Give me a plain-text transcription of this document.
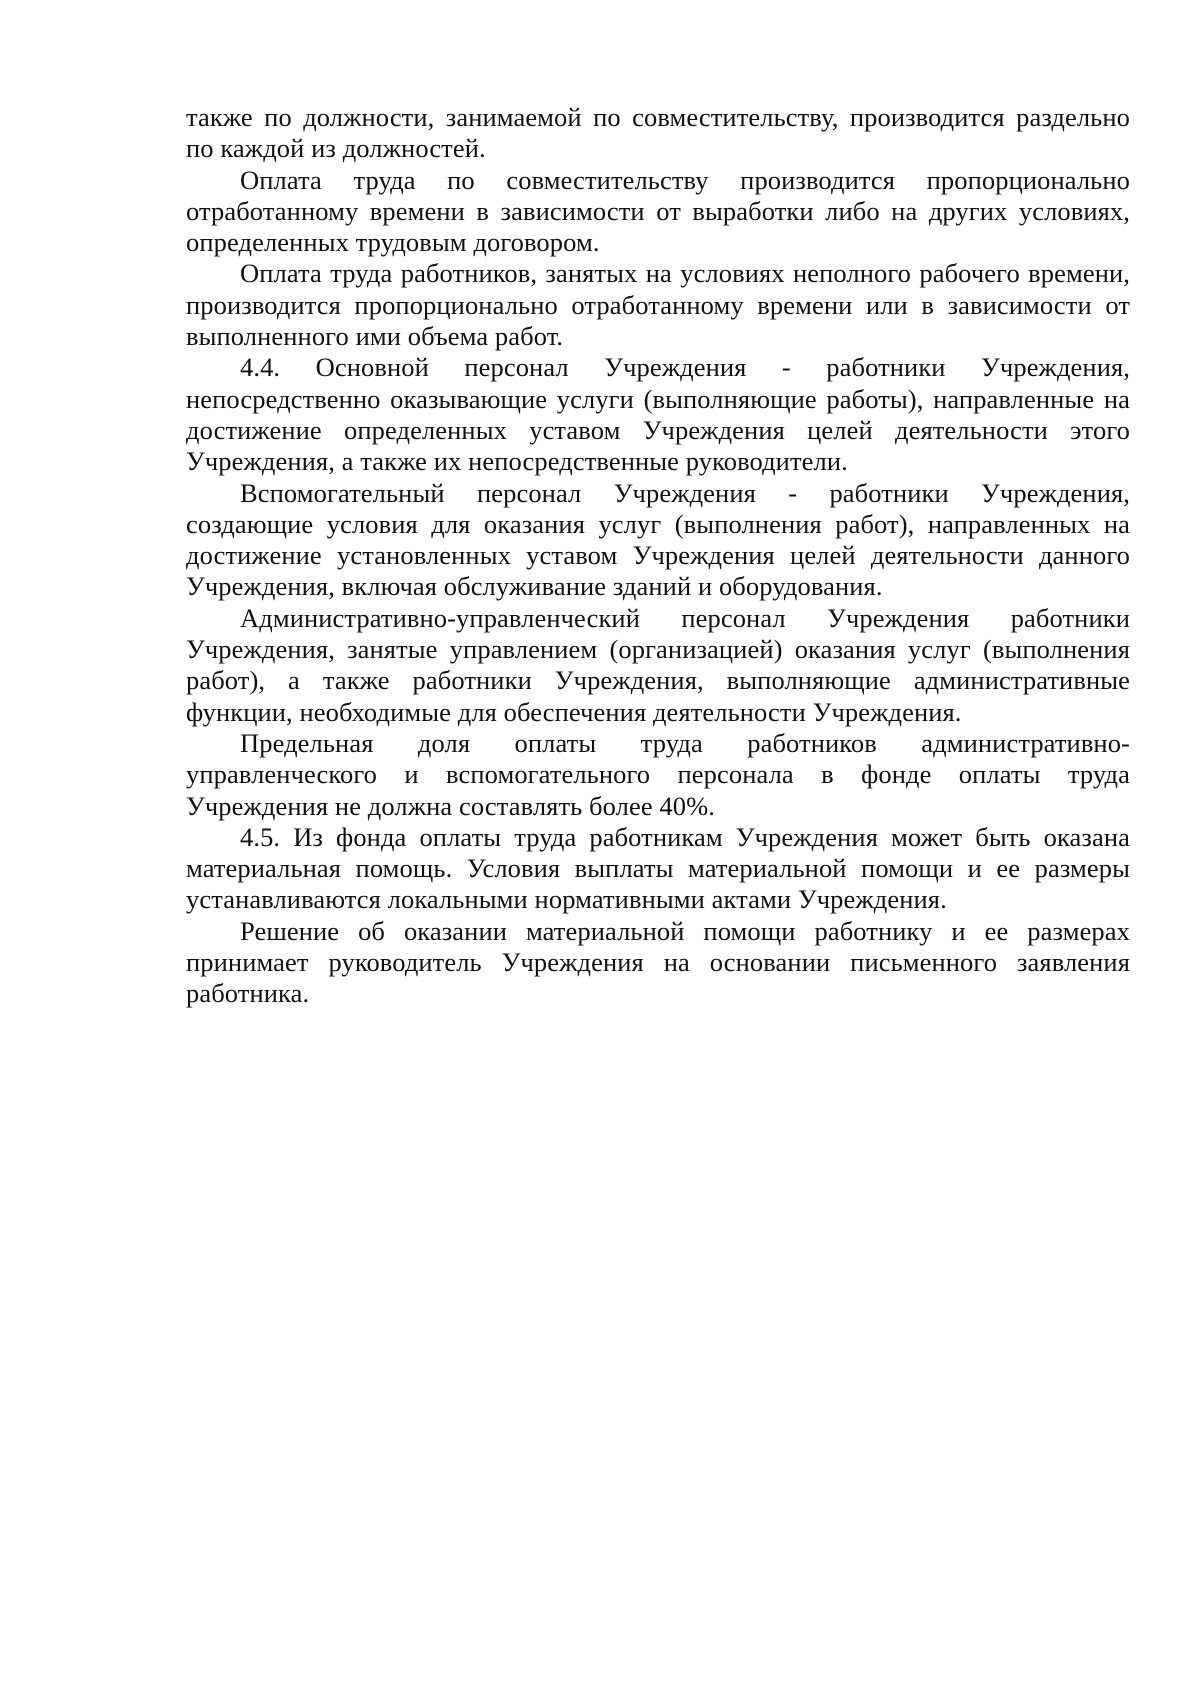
также по должности, занимаемой по совместительству, производится раздельно по каждой из должностей.

Оплата труда по совместительству производится пропорционально отработанному времени в зависимости от выработки либо на других условиях, определенных трудовым договором.

Оплата труда работников, занятых на условиях неполного рабочего времени, производится пропорционально отработанному времени или в зависимости от выполненного ими объема работ.

4.4. Основной персонал Учреждения - работники Учреждения, непосредственно оказывающие услуги (выполняющие работы), направленные на достижение определенных уставом Учреждения целей деятельности этого Учреждения, а также их непосредственные руководители.

Вспомогательный персонал Учреждения - работники Учреждения, создающие условия для оказания услуг (выполнения работ), направленных на достижение установленных уставом Учреждения целей деятельности данного Учреждения, включая обслуживание зданий и оборудования.

Административно-управленческий персонал Учреждения работники Учреждения, занятые управлением (организацией) оказания услуг (выполнения работ), а также работники Учреждения, выполняющие административные функции, необходимые для обеспечения деятельности Учреждения.

Предельная доля оплаты труда работников административно-управленческого и вспомогательного персонала в фонде оплаты труда Учреждения не должна составлять более 40%.

4.5. Из фонда оплаты труда работникам Учреждения может быть оказана материальная помощь. Условия выплаты материальной помощи и ее размеры устанавливаются локальными нормативными актами Учреждения.

Решение об оказании материальной помощи работнику и ее размерах принимает руководитель Учреждения на основании письменного заявления работника.
